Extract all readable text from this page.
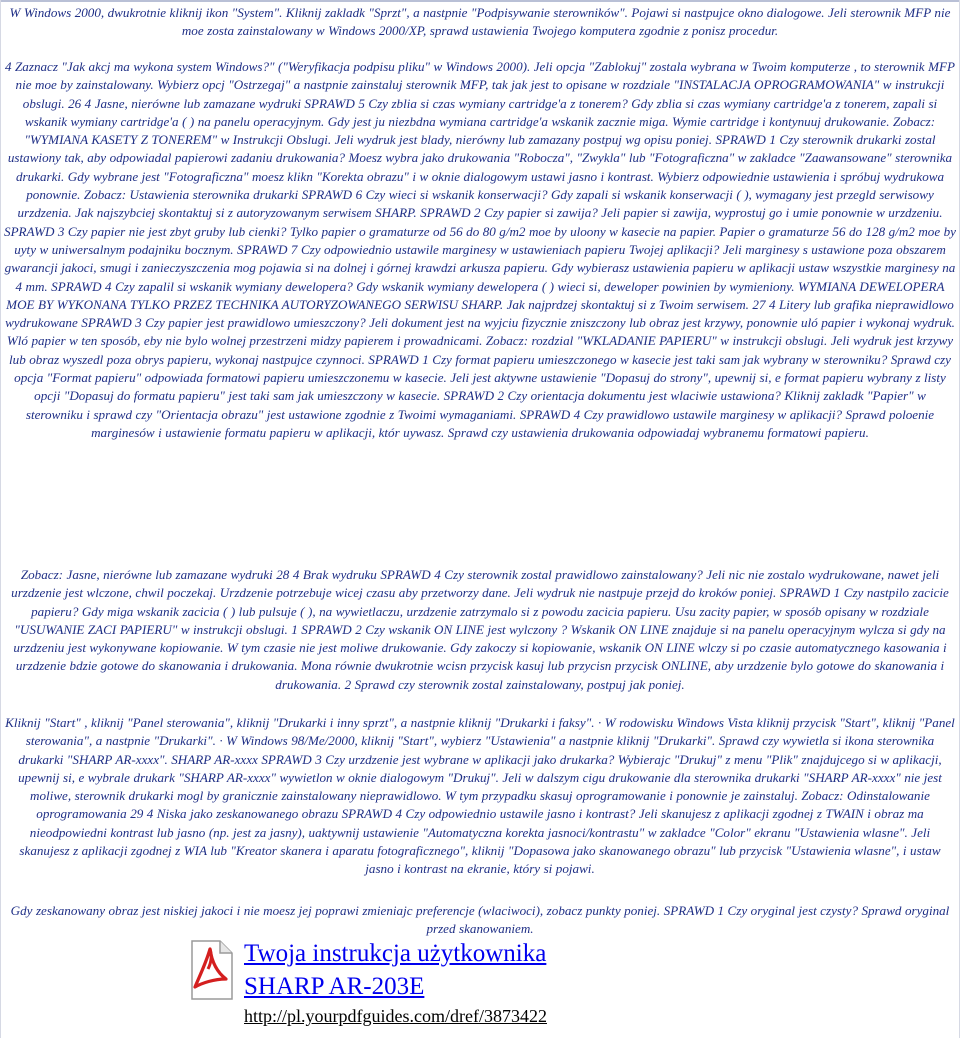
W Windows 2000, dwukrotnie kliknij ikon "System". Kliknij zakladk "Sprzt", a nastpnie "Podpisywanie sterowników". Pojawi si nastpujce okno dialogowe. Jeli sterownik MFP nie moe zosta zainstalowany w Windows 2000/XP, sprawd ustawienia Twojego komputera zgodnie z ponisz procedur.
4 Zaznacz "Jak akcj ma wykona system Windows?" ("Weryfikacja podpisu pliku" w Windows 2000). Jeli opcja "Zablokuj" zostala wybrana w Twoim komputerze , to sterownik MFP nie moe by zainstalowany. Wybierz opcj "Ostrzegaj" a nastpnie zainstaluj sterownik MFP, tak jak jest to opisane w rozdziale "INSTALACJA OPROGRAMOWANIA" w instrukcji obslugi. 26 4 Jasne, nierówne lub zamazane wydruki SPRAWD 5 Czy zblia si czas wymiany cartridge'a z tonerem? Gdy zblia si czas wymiany cartridge'a z tonerem, zapali si wskanik wymiany cartridge'a ( ) na panelu operacyjnym. Gdy jest ju niezbdna wymiana cartridge'a wskanik zacznie miga. Wymie cartridge i kontynuuj drukowanie. Zobacz: "WYMIANA KASETY Z TONEREM" w Instrukcji Obslugi. Jeli wydruk jest blady, nierówny lub zamazany postpuj wg opisu poniej. SPRAWD 1 Czy sterownik drukarki zostal ustawiony tak, aby odpowiadal papierowi zadaniu drukowania? Moesz wybra jako drukowania "Robocza", "Zwykla" lub "Fotograficzna" w zakladce "Zaawansowane" sterownika drukarki. Gdy wybrane jest "Fotograficzna" moesz klikn "Korekta obrazu" i w oknie dialogowym ustawi jasno i kontrast. Wybierz odpowiednie ustawienia i spróbuj wydrukowa ponownie. Zobacz: Ustawienia sterownika drukarki SPRAWD 6 Czy wieci si wskanik konserwacji? Gdy zapali si wskanik konserwacji ( ), wymagany jest przegld serwisowy urzdzenia. Jak najszybciej skontaktuj si z autoryzowanym serwisem SHARP. SPRAWD 2 Czy papier si zawija? Jeli papier si zawija, wyprostuj go i umie ponownie w urzdzeniu. SPRAWD 3 Czy papier nie jest zbyt gruby lub cienki? Tylko papier o gramaturze od 56 do 80 g/m2 moe by uloony w kasecie na papier. Papier o gramaturze 56 do 128 g/m2 moe by uyty w uniwersalnym podajniku bocznym. SPRAWD 7 Czy odpowiednio ustawile marginesy w ustawieniach papieru Twojej aplikacji? Jeli marginesy s ustawione poza obszarem gwarancji jakoci, smugi i zanieczyszczenia mog pojawia si na dolnej i górnej krawdzi arkusza papieru. Gdy wybierasz ustawienia papieru w aplikacji ustaw wszystkie marginesy na 4 mm. SPRAWD 4 Czy zapalil si wskanik wymiany dewelopera? Gdy wskanik wymiany dewelopera ( ) wieci si, deweloper powinien by wymieniony. WYMIANA DEWELOPERA MOE BY WYKONANA TYLKO PRZEZ TECHNIKA AUTORYZOWANEGO SERWISU SHARP. Jak najprdzej skontaktuj si z Twoim serwisem. 27 4 Litery lub grafika nieprawidlowo wydrukowane SPRAWD 3 Czy papier jest prawidlowo umieszczony? Jeli dokument jest na wyjciu fizycznie zniszczony lub obraz jest krzywy, ponownie uló papier i wykonaj wydruk. Wló papier w ten sposób, eby nie bylo wolnej przestrzeni midzy papierem i prowadnicami. Zobacz: rozdzial "WKLADANIE PAPIERU" w instrukcji obslugi. Jeli wydruk jest krzywy lub obraz wyszedl poza obrys papieru, wykonaj nastpujce czynnoci. SPRAWD 1 Czy format papieru umieszczonego w kasecie jest taki sam jak wybrany w sterowniku? Sprawd czy opcja "Format papieru" odpowiada formatowi papieru umieszczonemu w kasecie. Jeli jest aktywne ustawienie "Dopasuj do strony", upewnij si, e format papieru wybrany z listy opcji "Dopasuj do formatu papieru" jest taki sam jak umieszczony w kasecie. SPRAWD 2 Czy orientacja dokumentu jest wlaciwie ustawiona? Kliknij zakladk "Papier" w sterowniku i sprawd czy "Orientacja obrazu" jest ustawione zgodnie z Twoimi wymaganiami. SPRAWD 4 Czy prawidlowo ustawile marginesy w aplikacji? Sprawd poloenie marginesów i ustawienie formatu papieru w aplikacji, któr uywasz. Sprawd czy ustawienia drukowania odpowiadaj wybranemu formatowi papieru.
Zobacz: Jasne, nierówne lub zamazane wydruki 28 4 Brak wydruku SPRAWD 4 Czy sterownik zostal prawidlowo zainstalowany? Jeli nic nie zostalo wydrukowane, nawet jeli urzdzenie jest wlczone, chwil poczekaj. Urzdzenie potrzebuje wicej czasu aby przetworzy dane. Jeli wydruk nie nastpuje przejd do kroków poniej. SPRAWD 1 Czy nastpilo zacicie papieru? Gdy miga wskanik zacicia ( ) lub pulsuje ( ), na wywietlaczu, urzdzenie zatrzymalo si z powodu zacicia papieru. Usu zacity papier, w sposób opisany w rozdziale "USUWANIE ZACI PAPIERU" w instrukcji obslugi. 1 SPRAWD 2 Czy wskanik ON LINE jest wylczony ? Wskanik ON LINE znajduje si na panelu operacyjnym wylcza si gdy na urzdzeniu jest wykonywane kopiowanie. W tym czasie nie jest moliwe drukowanie. Gdy zakoczy si kopiowanie, wskanik ON LINE wlczy si po czasie automatycznego kasowania i urzdzenie bdzie gotowe do skanowania i drukowania. Mona równie dwukrotnie wcisn przycisk kasuj lub przycisn przycisk ONLINE, aby urzdzenie bylo gotowe do skanowania i drukowania. 2 Sprawd czy sterownik zostal zainstalowany, postpuj jak poniej.
Kliknij "Start" , kliknij "Panel sterowania", kliknij "Drukarki i inny sprzt", a nastpnie kliknij "Drukarki i faksy". · W rodowisku Windows Vista kliknij przycisk "Start", kliknij "Panel sterowania", a nastpnie "Drukarki". · W Windows 98/Me/2000, kliknij "Start", wybierz "Ustawienia" a nastpnie kliknij "Drukarki". Sprawd czy wywietla si ikona sterownika drukarki "SHARP AR-xxxx". SHARP AR-xxxx SPRAWD 3 Czy urzdzenie jest wybrane w aplikacji jako drukarka? Wybierajc "Drukuj" z menu "Plik" znajdujcego si w aplikacji, upewnij si, e wybrale drukark "SHARP AR-xxxx" wywietlon w oknie dialogowym "Drukuj". Jeli w dalszym cigu drukowanie dla sterownika drukarki "SHARP AR-xxxx" nie jest moliwe, sterownik drukarki mogl by granicznie zainstalowany nieprawidlowo. W tym przypadku skasuj oprogramowanie i ponownie je zainstaluj. Zobacz: Odinstalowanie oprogramowania 29 4 Niska jako zeskanowanego obrazu SPRAWD 4 Czy odpowiednio ustawile jasno i kontrast? Jeli skanujesz z aplikacji zgodnej z TWAIN i obraz ma nieodpowiedni kontrast lub jasno (np. jest za jasny), uaktywnij ustawienie "Automatyczna korekta jasnoci/kontrastu" w zakladce "Color" ekranu "Ustawienia wlasne". Jeli skanujesz z aplikacji zgodnej z WIA lub "Kreator skanera i aparatu fotograficznego", kliknij "Dopasowa jako skanowanego obrazu" lub przycisk "Ustawienia wlasne", i ustaw jasno i kontrast na ekranie, który si pojawi.
Gdy zeskanowany obraz jest niskiej jakoci i nie moesz jej poprawi zmieniajc preferencje (wlaciwoci), zobacz punkty poniej. SPRAWD 1 Czy oryginal jest czysty? Sprawd oryginal przed skanowaniem.
Twoja instrukcja użytkownika
SHARP AR-203E
http://pl.yourpdfguides.com/dref/3873422
